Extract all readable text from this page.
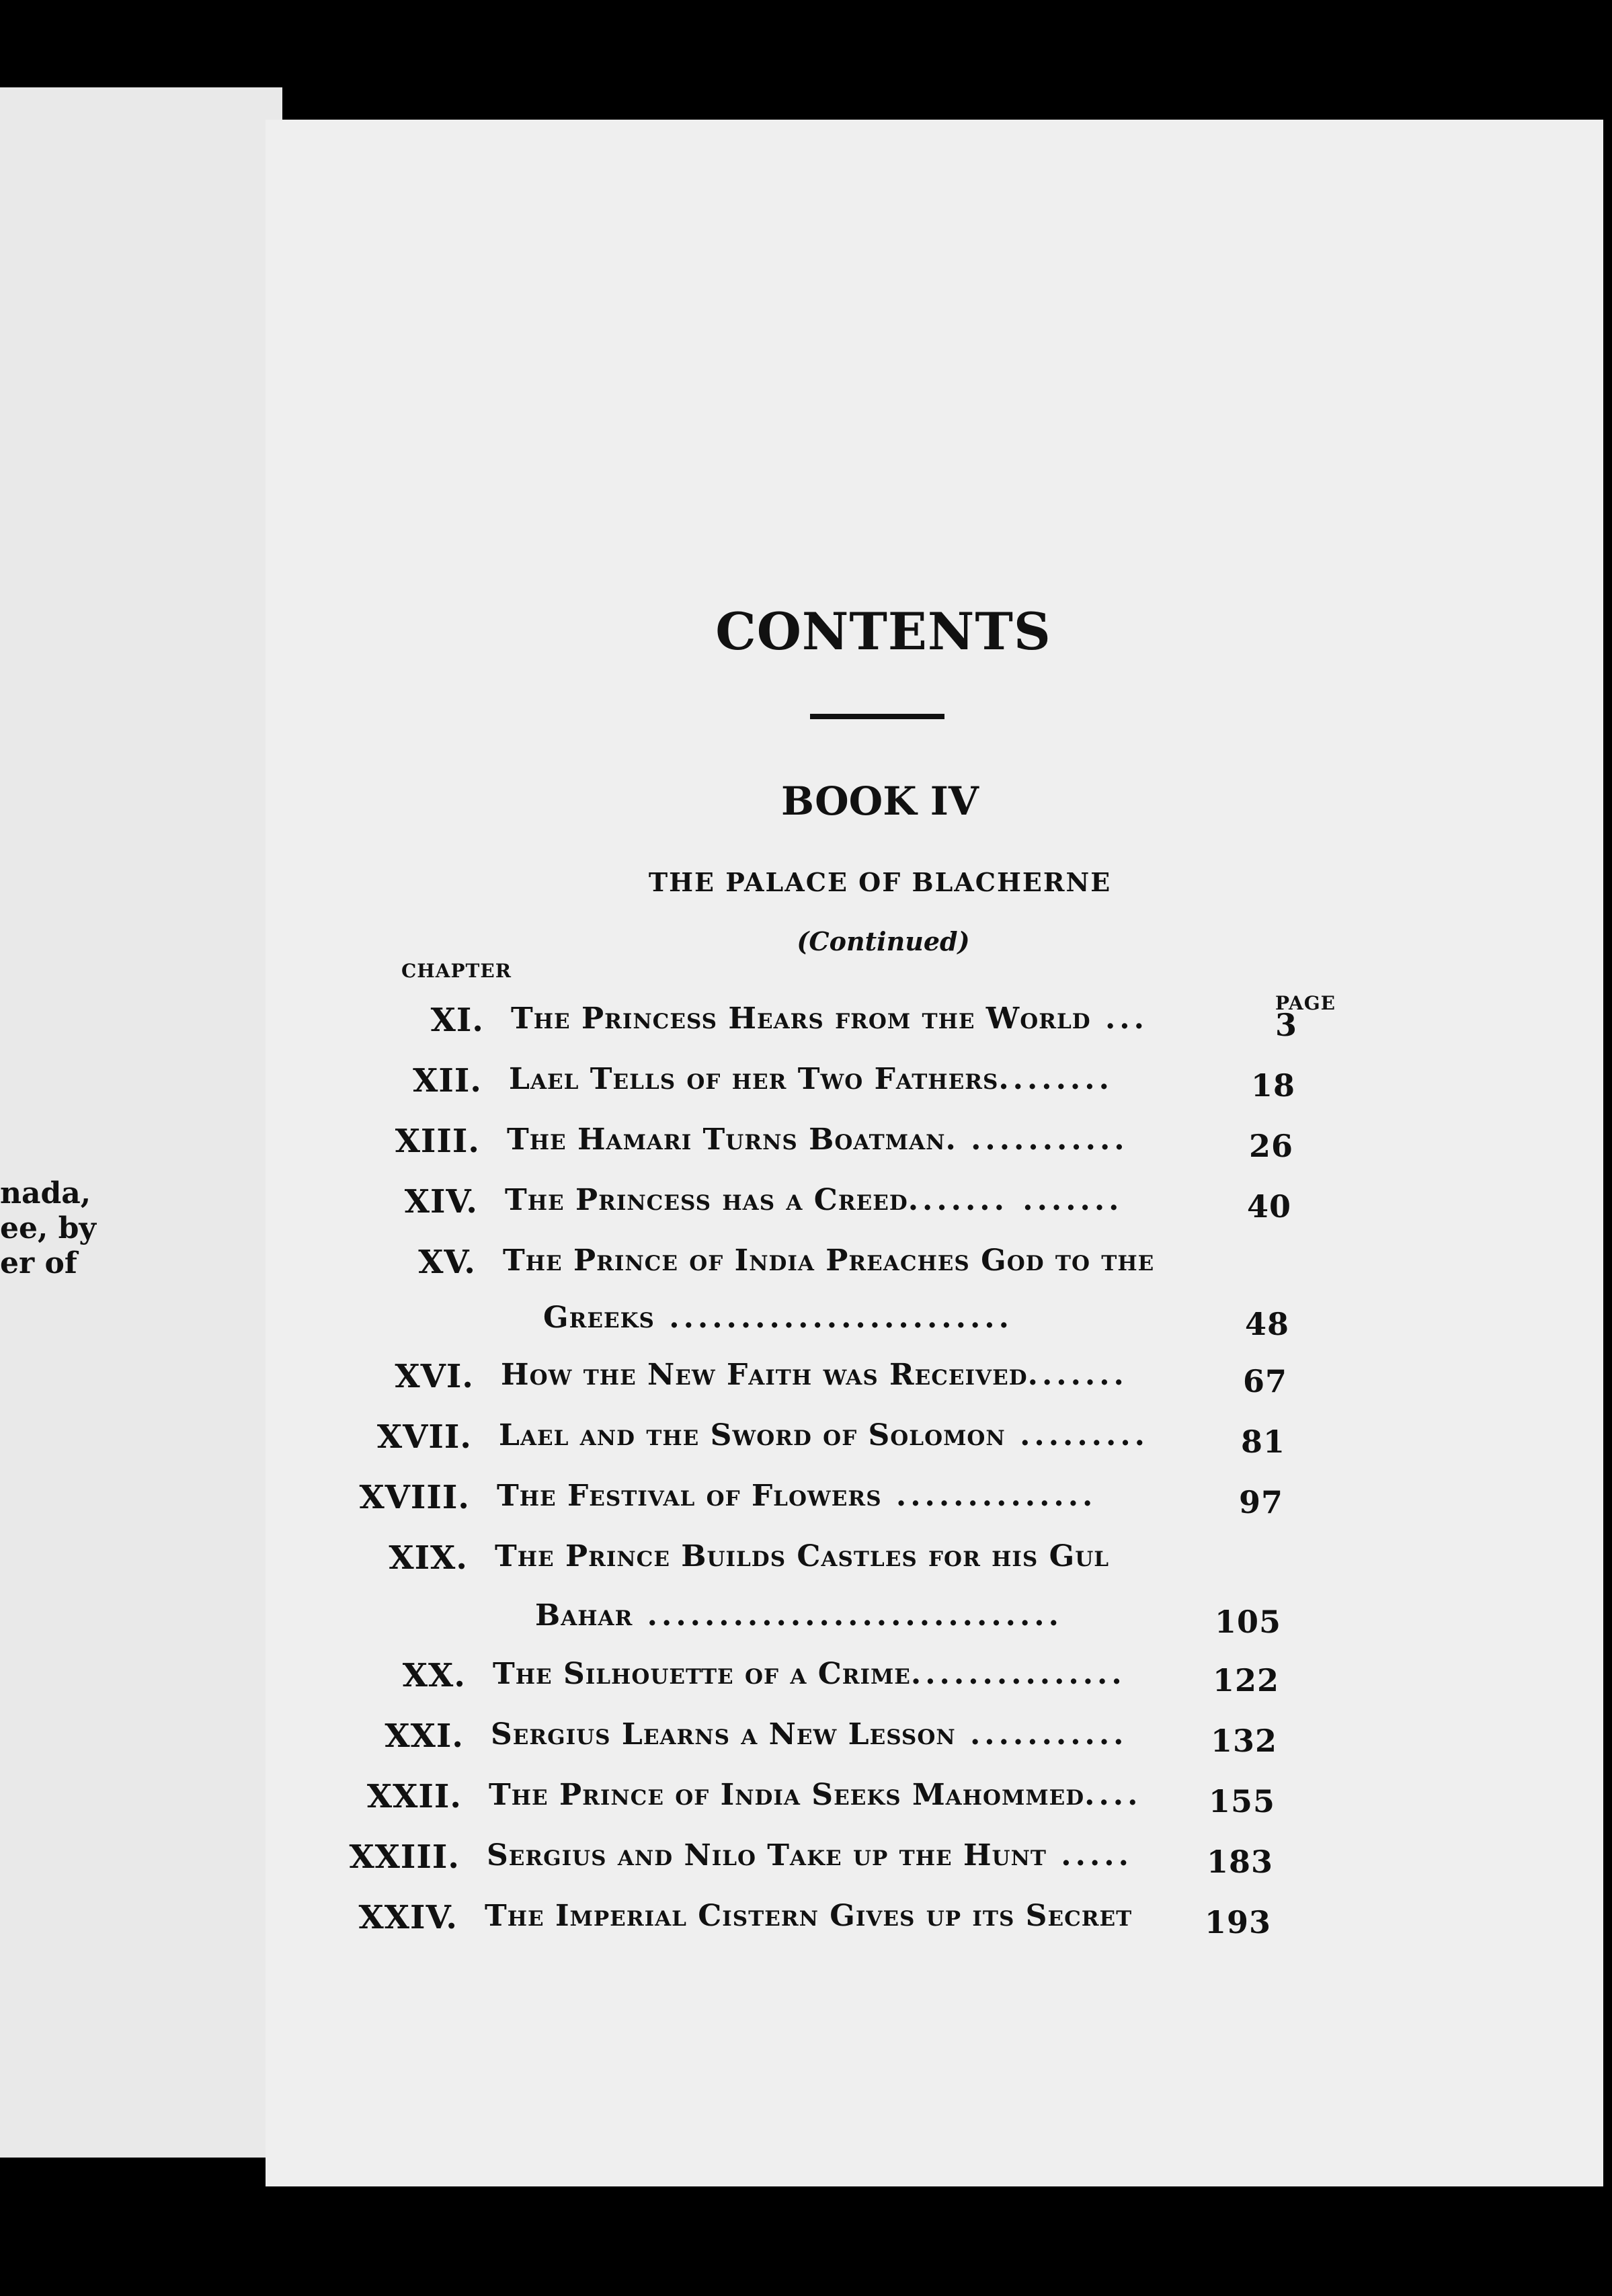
nada,
ee, by
er of
CONTENTS
BOOK IV
THE PALACE OF BLACHERNE
(Continued)
CHAPTER
PAGE
XI. The Princess Hears from the World ...	3
XII. Lael Tells of her Two Fathers........	18
XIII. The Hamari Turns Boatman. ...........	26
XIV. The Princess has a Creed....... .......	40
XV. The Prince of India Preaches God to the
Greeks ........................	48
XVI. How the New Faith was Received.......	67
XVII. Lael and the Sword of Solomon .........	81
XVIII. The Festival of Flowers ..............	97
XIX. The Prince Builds Castles for his Gul
Bahar .............................	105
XX. The Silhouette of a Crime...............	122
XXI. Sergius Learns a New Lesson ...........	132
XXII. The Prince of India Seeks Mahommed....	155
XXIII. Sergius and Nilo Take up the Hunt .....	183
XXIV. The Imperial Cistern Gives up its Secret	193
